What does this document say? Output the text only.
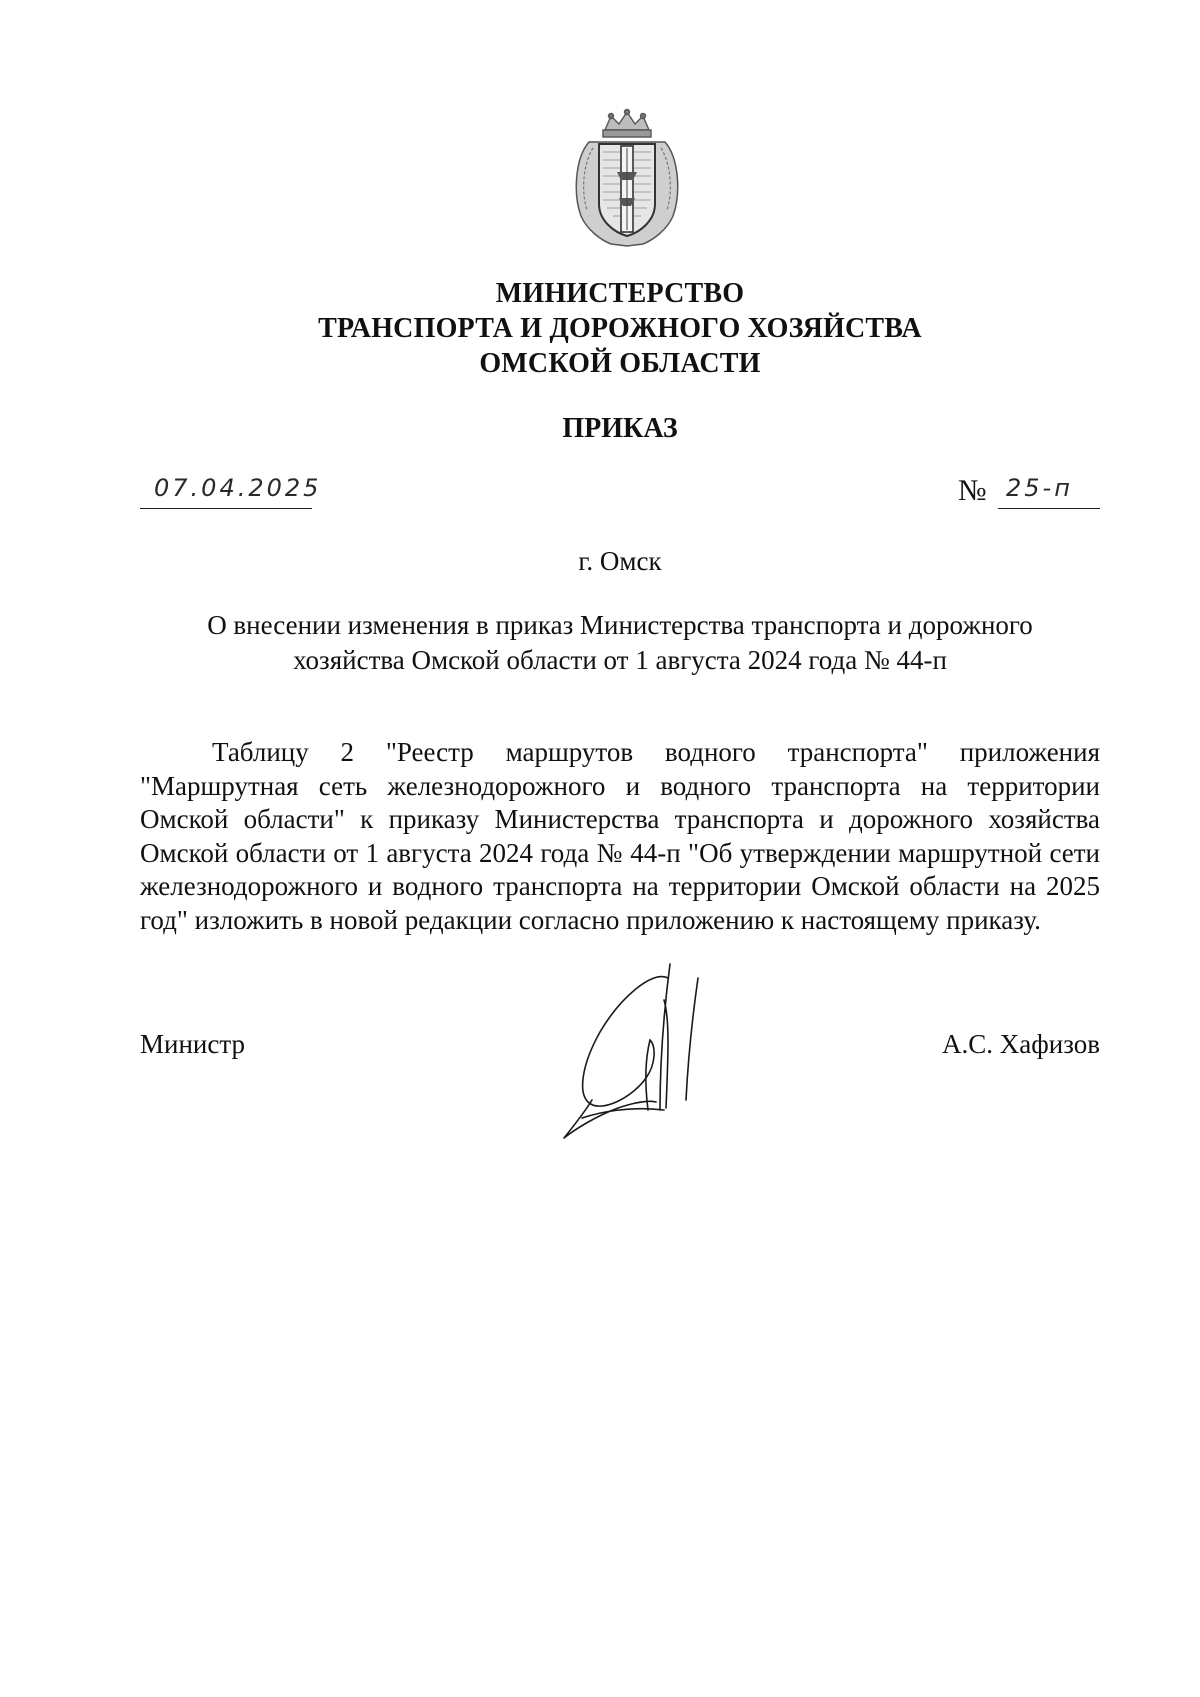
МИНИСТЕРСТВО
ТРАНСПОРТА И ДОРОЖНОГО ХОЗЯЙСТВА
ОМСКОЙ ОБЛАСТИ
ПРИКАЗ
07.04.2025	№ 25-п
г. Омск
О внесении изменения в приказ Министерства транспорта и дорожного
хозяйства Омской области от 1 августа 2024 года № 44-п

Таблицу 2 "Реестр маршрутов водного транспорта" приложения "Маршрутная сеть железнодорожного и водного транспорта на территории Омской области" к приказу Министерства транспорта и дорожного хозяйства Омской области от 1 августа 2024 года № 44-п "Об утверждении маршрутной сети железнодорожного и водного транспорта на территории Омской области на 2025 год" изложить в новой редакции согласно приложению к настоящему приказу.

Министр	А.С. Хафизов
